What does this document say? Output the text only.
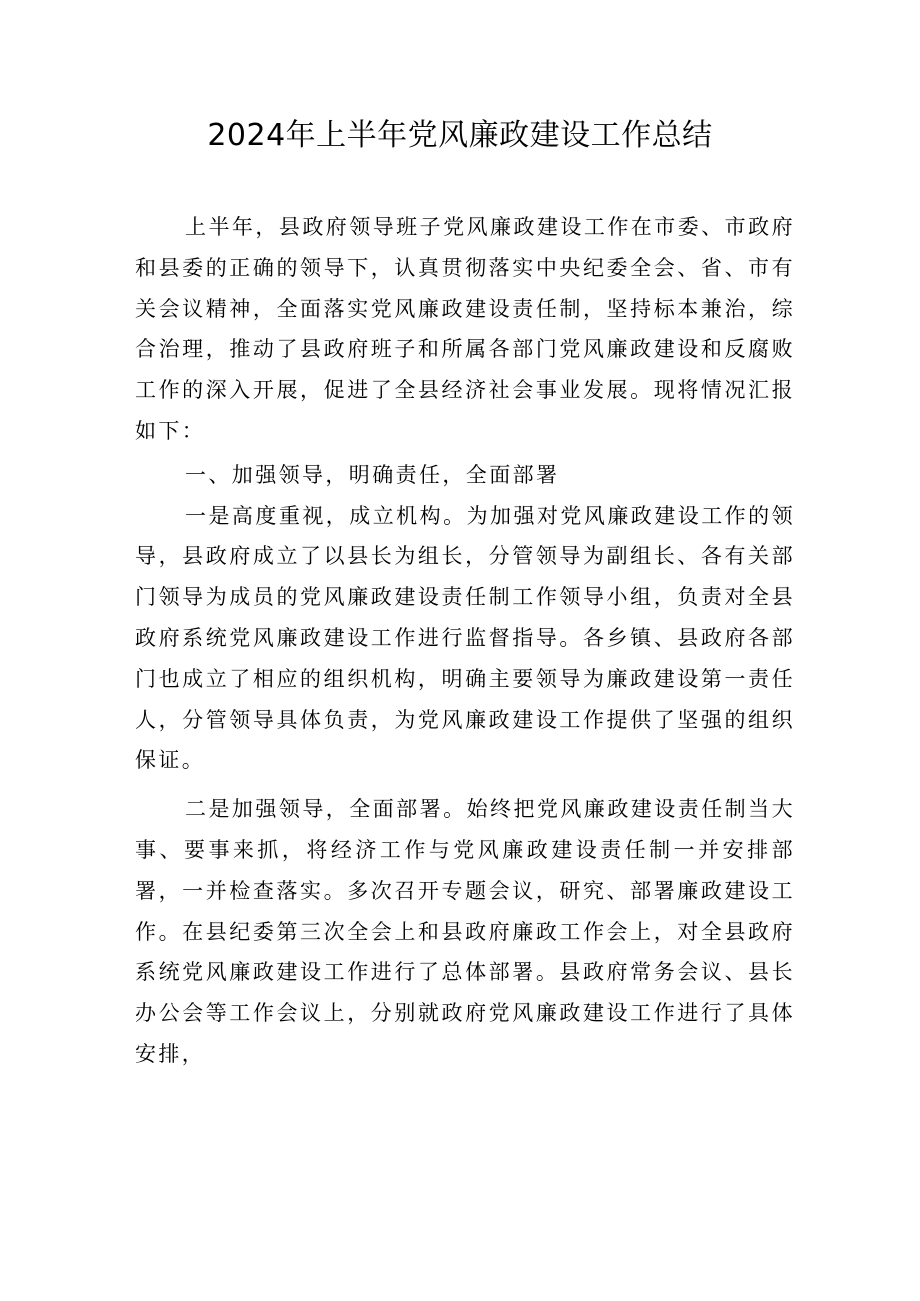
2024年上半年党风廉政建设工作总结

上半年，县政府领导班子党风廉政建设工作在市委、市政府和县委的正确的领导下，认真贯彻落实中央纪委全会、省、市有关会议精神，全面落实党风廉政建设责任制，坚持标本兼治，综合治理，推动了县政府班子和所属各部门党风廉政建设和反腐败工作的深入开展，促进了全县经济社会事业发展。现将情况汇报如下：

一、加强领导，明确责任，全面部署

一是高度重视，成立机构。为加强对党风廉政建设工作的领导，县政府成立了以县长为组长，分管领导为副组长、各有关部门领导为成员的党风廉政建设责任制工作领导小组，负责对全县政府系统党风廉政建设工作进行监督指导。各乡镇、县政府各部门也成立了相应的组织机构，明确主要领导为廉政建设第一责任人，分管领导具体负责，为党风廉政建设工作提供了坚强的组织保证。

二是加强领导，全面部署。始终把党风廉政建设责任制当大事、要事来抓，将经济工作与党风廉政建设责任制一并安排部署，一并检查落实。多次召开专题会议，研究、部署廉政建设工作。在县纪委第三次全会上和县政府廉政工作会上，对全县政府系统党风廉政建设工作进行了总体部署。县政府常务会议、县长办公会等工作会议上，分别就政府党风廉政建设工作进行了具体安排，
